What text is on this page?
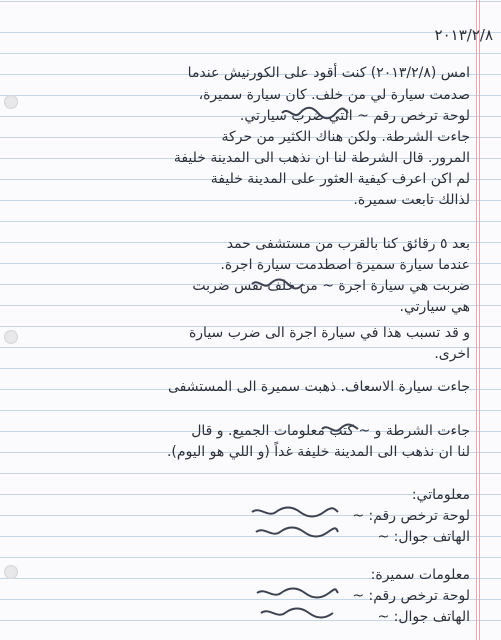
٢٠١٣/٢/٨
امس (٢٠١٣/٢/٨) كنت أقود على الكورنيش عندما
صدمت سيارة لي من خلف. كان سيارة سميرة،
لوحة ترخص رقم ~ التي ضرب سيارتي.
جاءت الشرطة. ولكن هناك الكثير من حركة
المرور. قال الشرطة لنا ان نذهب الى المدينة خليفة
لم اكن اعرف كيفية العثور على المدينة خليفة
لذالك تابعت سميرة.
بعد ٥ رقائق كنا بالقرب من مستشفى حمد
عندما سيارة سميرة اصطدمت سيارة اجرة.
ضربت هي سيارة اجرة ~ من خلف نفس ضربت
هي سيارتي.
و قد تسبب هذا في سيارة اجرة الى ضرب سيارة
اخرى.
جاءت سيارة الاسعاف. ذهبت سميرة الى المستشفى
جاءت الشرطة و ~ كتب معلومات الجميع. و قال
لنا ان نذهب الى المدينة خليفة غداً (و اللي هو اليوم).
معلوماتي:
لوحة ترخص رقم: ~
الهاتف جوال: ~
معلومات سميرة:
لوحة ترخص رقم: ~
الهاتف جوال: ~
